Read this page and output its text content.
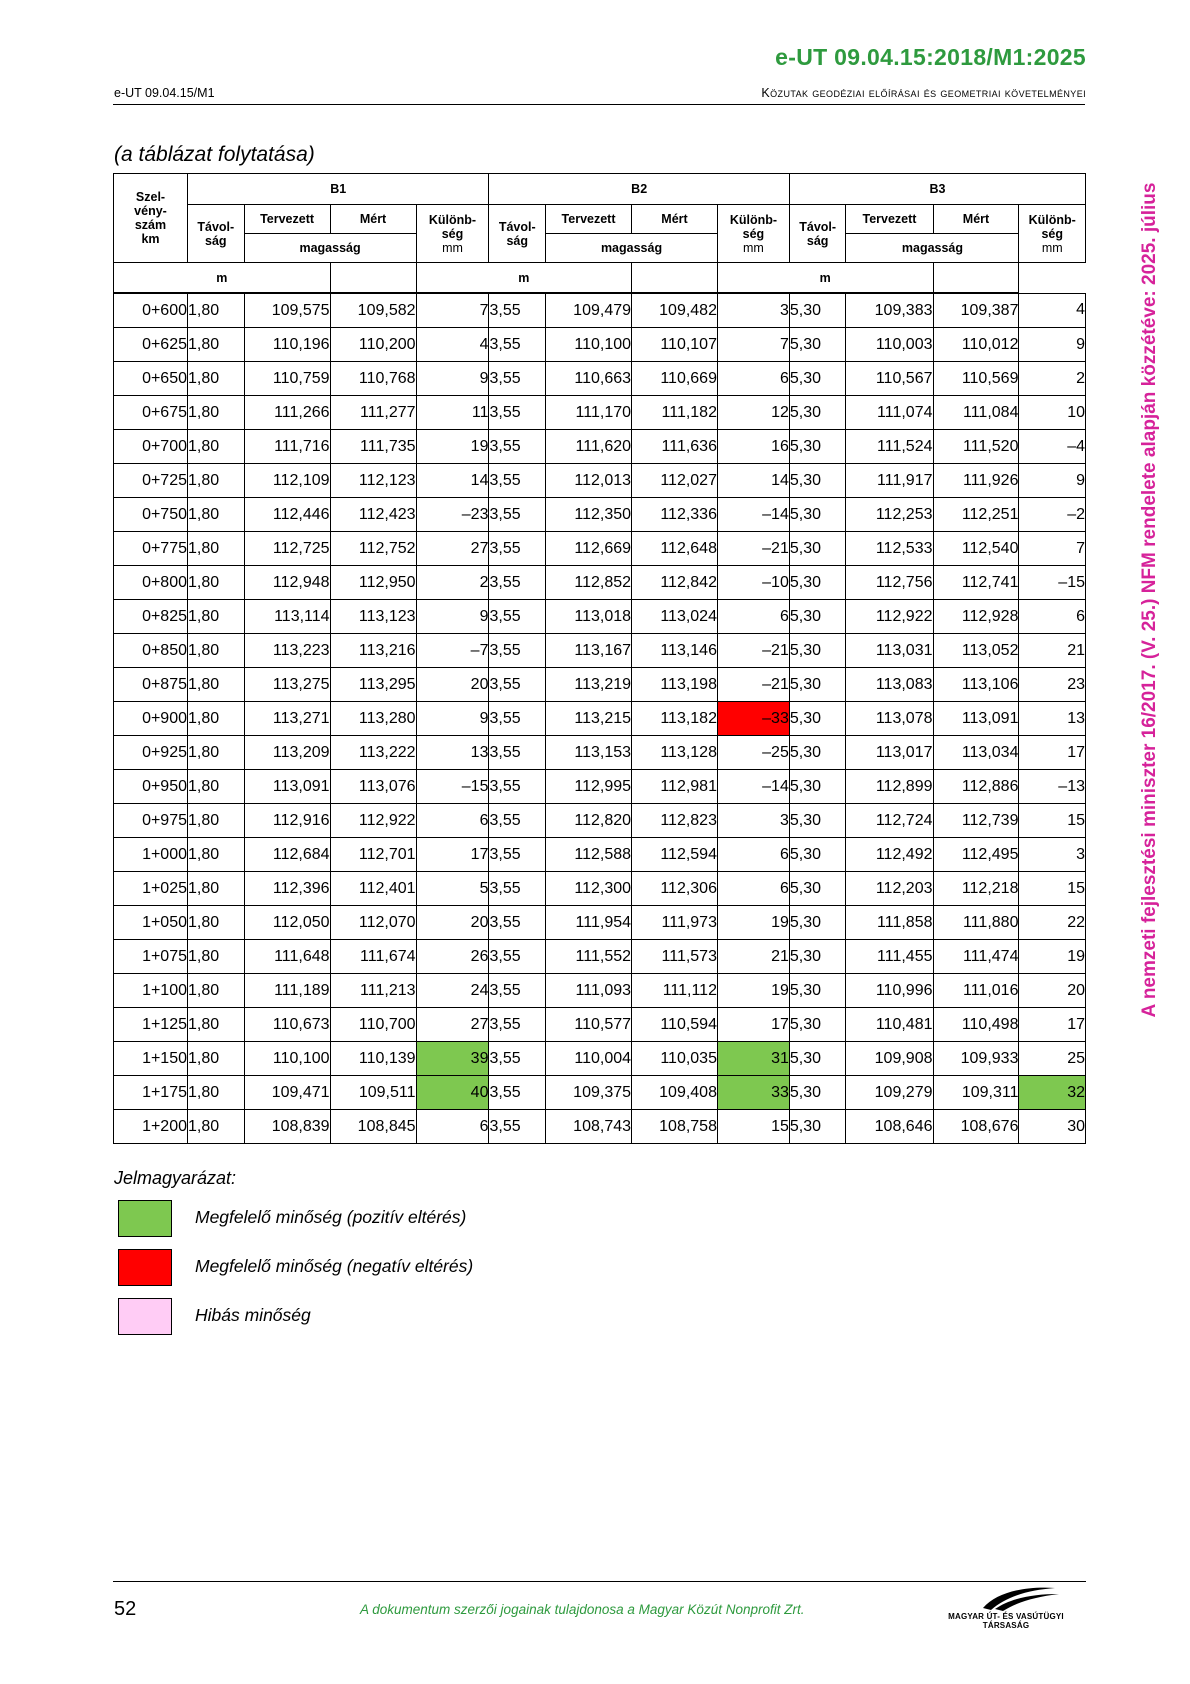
e-UT 09.04.15:2018/M1:2025
e-UT 09.04.15/M1	Közutak geodéziai előírásai és geometriai követelményei
A nemzeti fejlesztési miniszter 16/2017. (V. 25.) NFM rendelete alapján közzétéve: 2025. július
(a táblázat folytatása)
Szel-
vény-
szám
km	B1				B2				B3			
	Távol-
ság	Tervezett	Mért	Különb-
ség
mm	Távol-
ság	Tervezett	Mért	Különb-
ség
mm	Távol-
ság	Tervezett	Mért	Különb-
ség
mm
		magasság				magasság				magasság		
m				m				m				
0+600	1,80	109,575	109,582	7	3,55	109,479	109,482	3	5,30	109,383	109,387	4
0+625	1,80	110,196	110,200	4	3,55	110,100	110,107	7	5,30	110,003	110,012	9
0+650	1,80	110,759	110,768	9	3,55	110,663	110,669	6	5,30	110,567	110,569	2
0+675	1,80	111,266	111,277	11	3,55	111,170	111,182	12	5,30	111,074	111,084	10
0+700	1,80	111,716	111,735	19	3,55	111,620	111,636	16	5,30	111,524	111,520	–4
0+725	1,80	112,109	112,123	14	3,55	112,013	112,027	14	5,30	111,917	111,926	9
0+750	1,80	112,446	112,423	–23	3,55	112,350	112,336	–14	5,30	112,253	112,251	–2
0+775	1,80	112,725	112,752	27	3,55	112,669	112,648	–21	5,30	112,533	112,540	7
0+800	1,80	112,948	112,950	2	3,55	112,852	112,842	–10	5,30	112,756	112,741	–15
0+825	1,80	113,114	113,123	9	3,55	113,018	113,024	6	5,30	112,922	112,928	6
0+850	1,80	113,223	113,216	–7	3,55	113,167	113,146	–21	5,30	113,031	113,052	21
0+875	1,80	113,275	113,295	20	3,55	113,219	113,198	–21	5,30	113,083	113,106	23
0+900	1,80	113,271	113,280	9	3,55	113,215	113,182	–33	5,30	113,078	113,091	13
0+925	1,80	113,209	113,222	13	3,55	113,153	113,128	–25	5,30	113,017	113,034	17
0+950	1,80	113,091	113,076	–15	3,55	112,995	112,981	–14	5,30	112,899	112,886	–13
0+975	1,80	112,916	112,922	6	3,55	112,820	112,823	3	5,30	112,724	112,739	15
1+000	1,80	112,684	112,701	17	3,55	112,588	112,594	6	5,30	112,492	112,495	3
1+025	1,80	112,396	112,401	5	3,55	112,300	112,306	6	5,30	112,203	112,218	15
1+050	1,80	112,050	112,070	20	3,55	111,954	111,973	19	5,30	111,858	111,880	22
1+075	1,80	111,648	111,674	26	3,55	111,552	111,573	21	5,30	111,455	111,474	19
1+100	1,80	111,189	111,213	24	3,55	111,093	111,112	19	5,30	110,996	111,016	20
1+125	1,80	110,673	110,700	27	3,55	110,577	110,594	17	5,30	110,481	110,498	17
1+150	1,80	110,100	110,139	39	3,55	110,004	110,035	31	5,30	109,908	109,933	25
1+175	1,80	109,471	109,511	40	3,55	109,375	109,408	33	5,30	109,279	109,311	32
1+200	1,80	108,839	108,845	6	3,55	108,743	108,758	15	5,30	108,646	108,676	30
Jelmagyarázat:
Megfelelő minőség (pozitív eltérés)
Megfelelő minőség (negatív eltérés)
Hibás minőség
52	A dokumentum szerzői jogainak tulajdonosa a Magyar Közút Nonprofit Zrt.	MAGYAR ÚT- ÉS VASÚTÜGYI TÁRSASÁG
